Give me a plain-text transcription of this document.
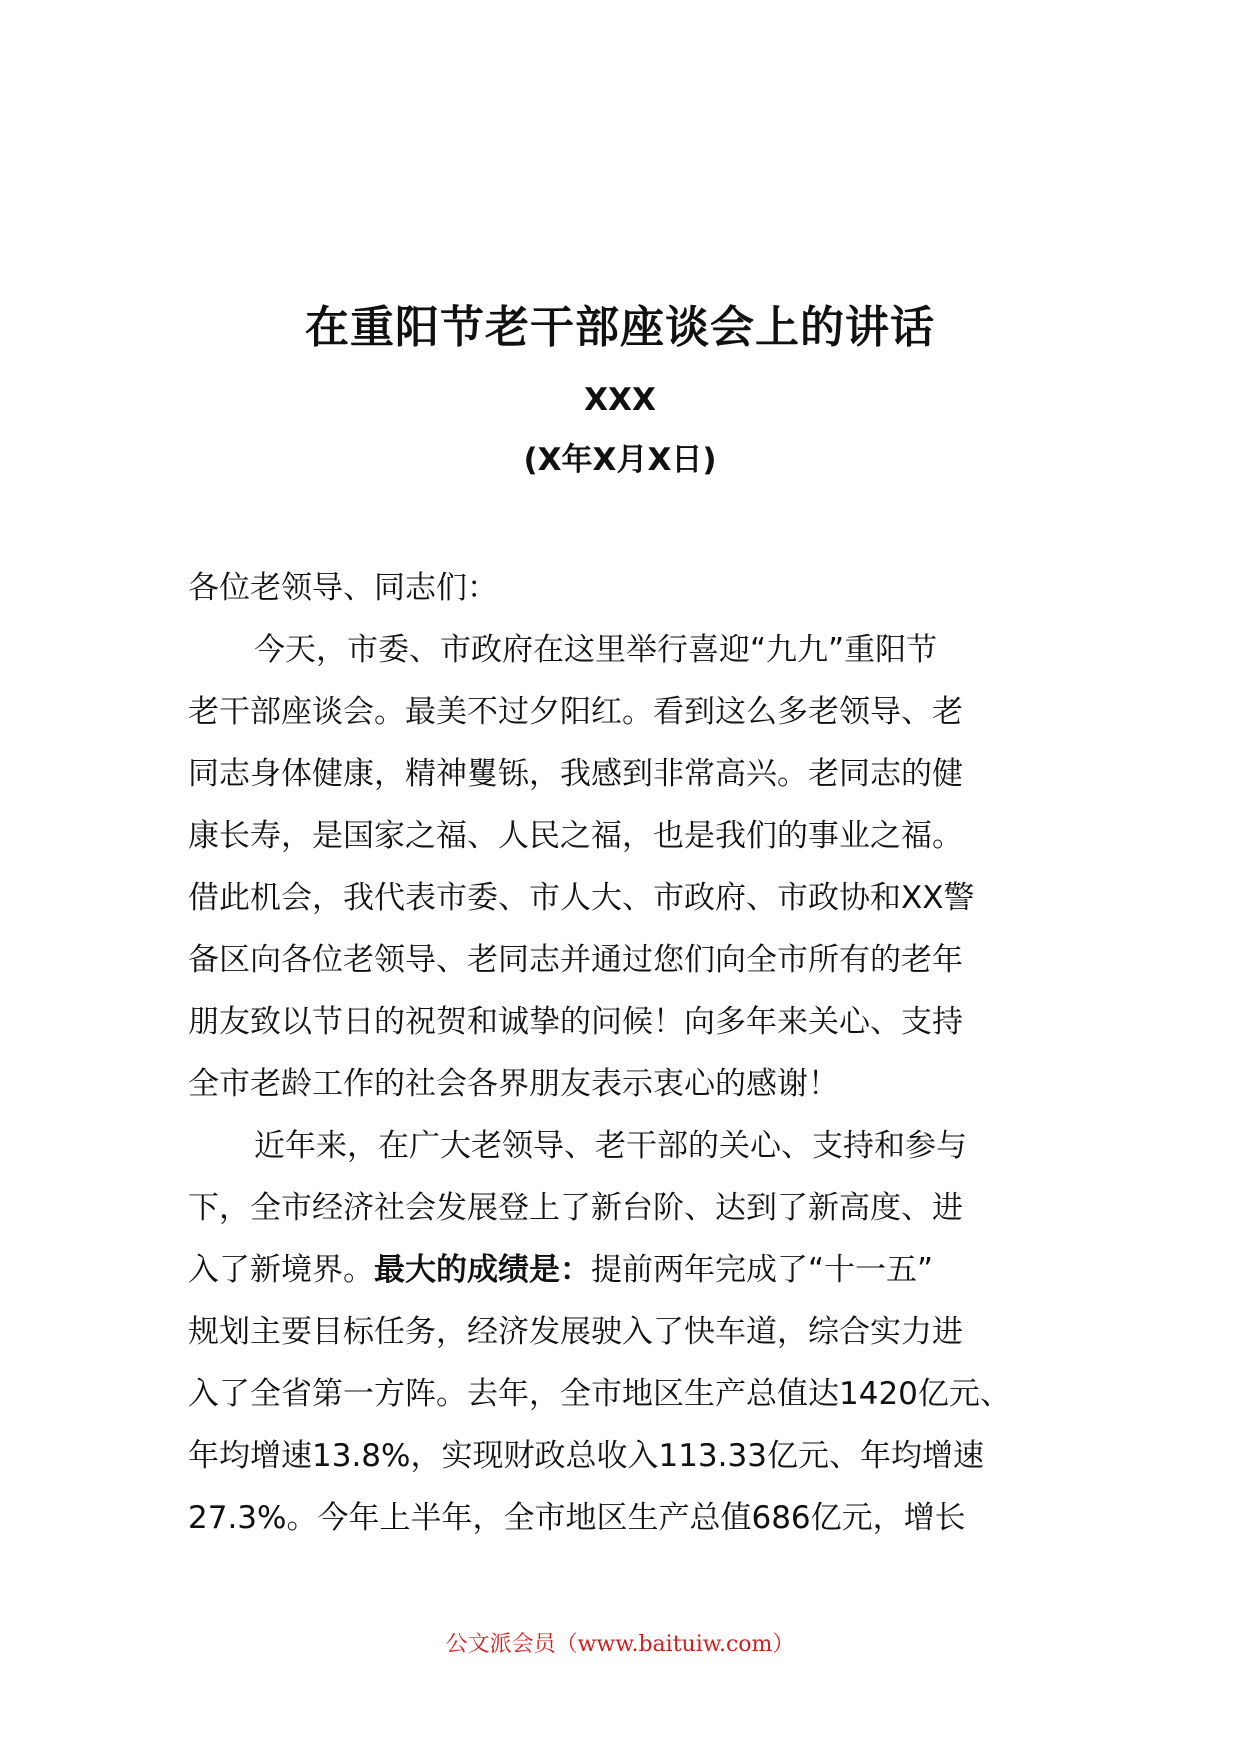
在重阳节老干部座谈会上的讲话
XXX
(X年X月X日)
各位老领导、同志们：
今天，市委、市政府在这里举行喜迎“九九”重阳节
老干部座谈会。最美不过夕阳红。看到这么多老领导、老
同志身体健康，精神矍铄，我感到非常高兴。老同志的健
康长寿，是国家之福、人民之福，也是我们的事业之福。
借此机会，我代表市委、市人大、市政府、市政协和XX警
备区向各位老领导、老同志并通过您们向全市所有的老年
朋友致以节日的祝贺和诚挚的问候！向多年来关心、支持
全市老龄工作的社会各界朋友表示衷心的感谢！
近年来，在广大老领导、老干部的关心、支持和参与
下，全市经济社会发展登上了新台阶、达到了新高度、进
入了新境界。最大的成绩是：提前两年完成了“十一五”
规划主要目标任务，经济发展驶入了快车道，综合实力进
入了全省第一方阵。去年，全市地区生产总值达1420亿元、
年均增速13.8%，实现财政总收入113.33亿元、年均增速
27.3%。今年上半年，全市地区生产总值686亿元，增长
公文派会员（www.baituiw.com）
